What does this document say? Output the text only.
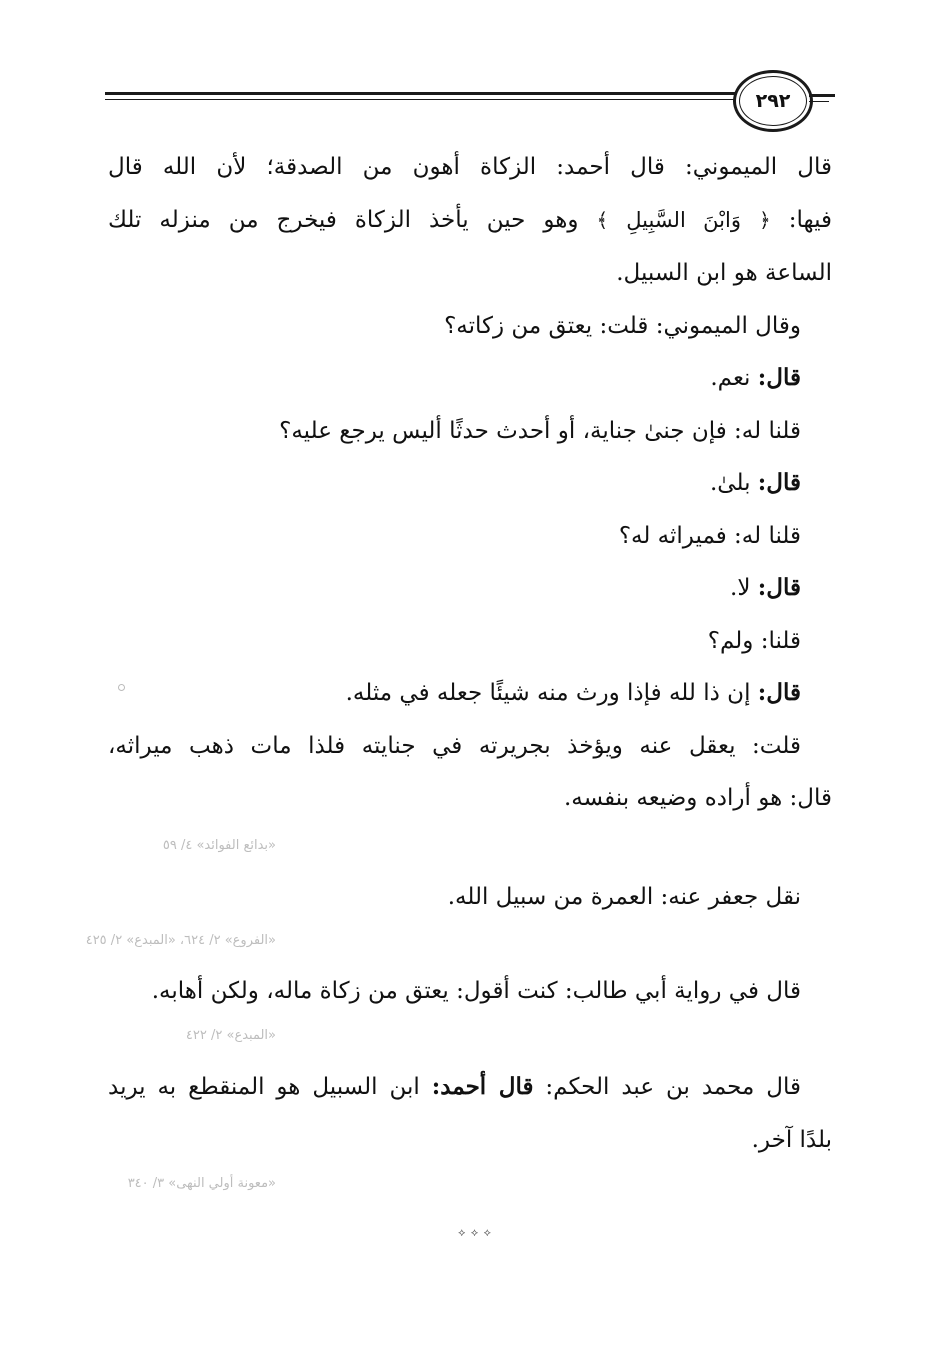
٢٩٢
قال الميموني: قال أحمد: الزكاة أهون من الصدقة؛ لأن الله قال
فيها: ﴿ وَابْنَ السَّبِيلِ ﴾ وهو حين يأخذ الزكاة فيخرج من منزله تلك
الساعة هو ابن السبيل.
وقال الميموني: قلت: يعتق من زكاته؟
قال: نعم.
قلنا له: فإن جنىٰ جناية، أو أحدث حدثًا أليس يرجع عليه؟
قال: بلىٰ.
قلنا له: فميراثه له؟
قال: لا.
قلنا: ولم؟
قال: إن ذا لله فإذا ورث منه شيئًا جعله في مثله.
قلت: يعقل عنه ويؤخذ بجريرته في جنايته فلذا مات ذهب ميراثه،
قال: هو أراده وضيعه بنفسه.
«بدائع الفوائد» ٤/ ٥٩
نقل جعفر عنه: العمرة من سبيل الله.
«الفروع» ٢/ ٦٢٤، «المبدع» ٢/ ٤٢٥
قال في رواية أبي طالب: كنت أقول: يعتق من زكاة ماله، ولكن أهابه.
«المبدع» ٢/ ٤٢٢
قال محمد بن عبد الحكم: قال أحمد: ابن السبيل هو المنقطع به يريد
بلدًا آخر.
«معونة أولي النهى» ٣/ ٣٤٠
⟡ ⟡ ⟡
